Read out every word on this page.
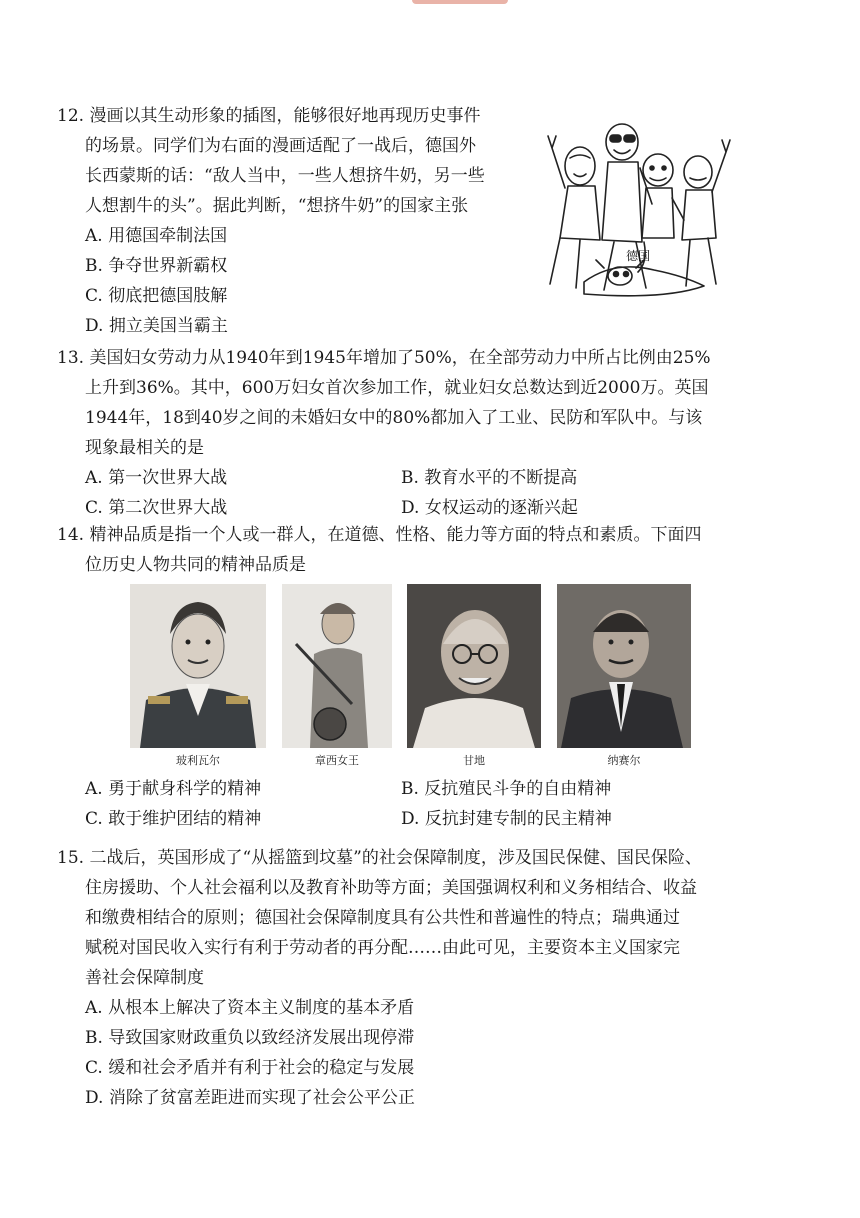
12. 漫画以其生动形象的插图，能够很好地再现历史事件
的场景。同学们为右面的漫画适配了一战后，德国外
长西蒙斯的话：“敌人当中，一些人想挤牛奶，另一些
人想割牛的头”。据此判断，“想挤牛奶”的国家主张
A. 用德国牵制法国
B. 争夺世界新霸权
C. 彻底把德国肢解
D. 拥立美国当霸主
德国
13. 美国妇女劳动力从1940年到1945年增加了50%，在全部劳动力中所占比例由25%
上升到36%。其中，600万妇女首次参加工作，就业妇女总数达到近2000万。英国
1944年，18到40岁之间的未婚妇女中的80%都加入了工业、民防和军队中。与该
现象最相关的是
A. 第一次世界大战	B. 教育水平的不断提高
C. 第二次世界大战	D. 女权运动的逐渐兴起
14. 精神品质是指一个人或一群人，在道德、性格、能力等方面的特点和素质。下面四
位历史人物共同的精神品质是
玻利瓦尔	章西女王	甘地	纳赛尔
A. 勇于献身科学的精神	B. 反抗殖民斗争的自由精神
C. 敢于维护团结的精神	D. 反抗封建专制的民主精神
15. 二战后，英国形成了“从摇篮到坟墓”的社会保障制度，涉及国民保健、国民保险、
住房援助、个人社会福利以及教育补助等方面；美国强调权利和义务相结合、收益
和缴费相结合的原则；德国社会保障制度具有公共性和普遍性的特点；瑞典通过
赋税对国民收入实行有利于劳动者的再分配……由此可见，主要资本主义国家完
善社会保障制度
A. 从根本上解决了资本主义制度的基本矛盾
B. 导致国家财政重负以致经济发展出现停滞
C. 缓和社会矛盾并有利于社会的稳定与发展
D. 消除了贫富差距进而实现了社会公平公正
